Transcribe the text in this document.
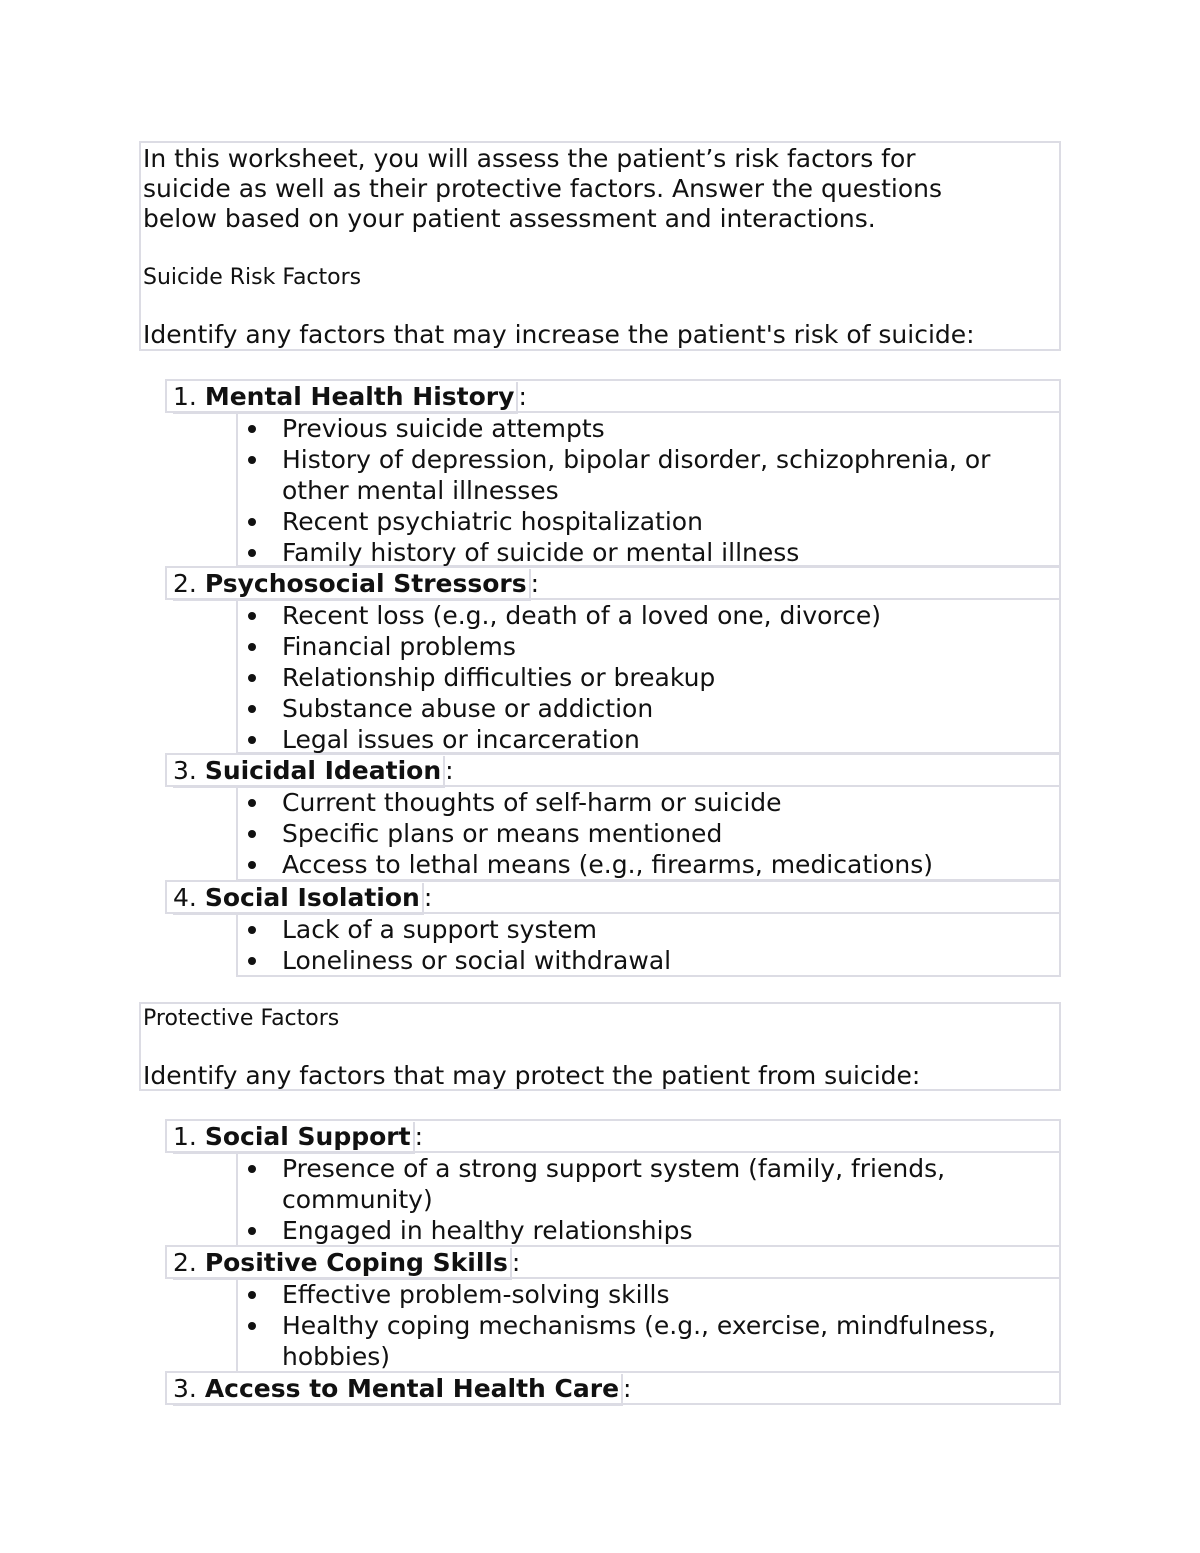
In this worksheet, you will assess the patient’s risk factors for
suicide as well as their protective factors. Answer the questions
below based on your patient assessment and interactions.
Suicide Risk Factors
Identify any factors that may increase the patient's risk of suicide:
1. Mental Health History :
Previous suicide attempts
History of depression, bipolar disorder, schizophrenia, or
other mental illnesses
Recent psychiatric hospitalization
Family history of suicide or mental illness
2. Psychosocial Stressors :
Recent loss (e.g., death of a loved one, divorce)
Financial problems
Relationship difficulties or breakup
Substance abuse or addiction
Legal issues or incarceration
3. Suicidal Ideation :
Current thoughts of self-harm or suicide
Specific plans or means mentioned
Access to lethal means (e.g., firearms, medications)
4. Social Isolation :
Lack of a support system
Loneliness or social withdrawal
Protective Factors
Identify any factors that may protect the patient from suicide:
1. Social Support :
Presence of a strong support system (family, friends,
community)
Engaged in healthy relationships
2. Positive Coping Skills :
Effective problem-solving skills
Healthy coping mechanisms (e.g., exercise, mindfulness,
hobbies)
3. Access to Mental Health Care :
